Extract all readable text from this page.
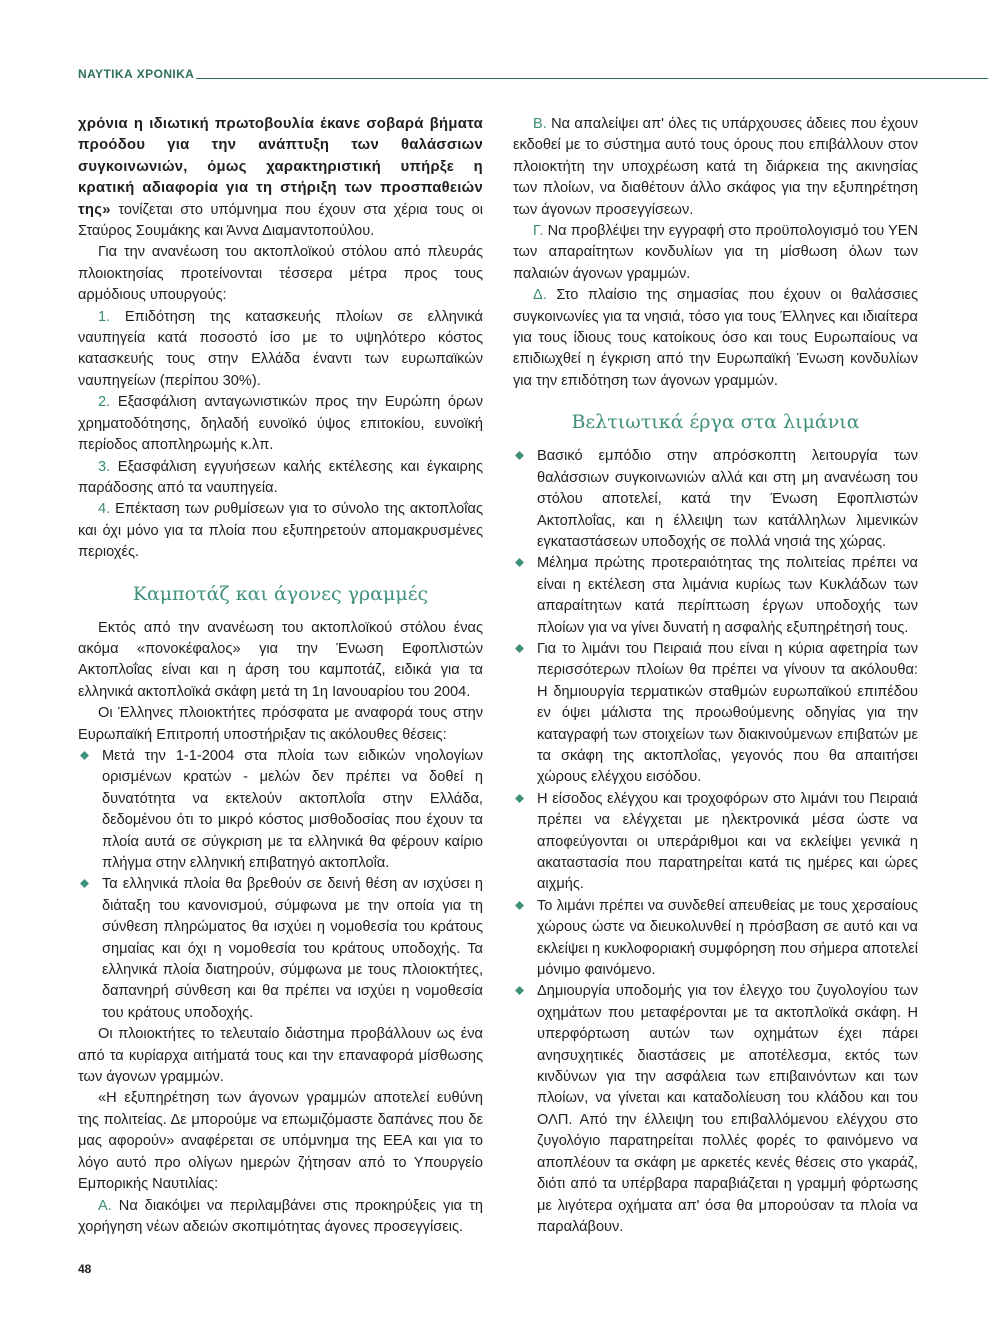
ΝΑΥΤΙΚΑ ΧΡΟΝΙΚΑ

χρόνια η ιδιωτική πρωτοβουλία έκανε σοβαρά βήματα προόδου για την ανάπτυξη των θαλάσσιων συγκοινωνιών, όμως χαρακτηριστική υπήρξε η κρατική αδιαφορία για τη στήριξη των προσπαθειών της» τονίζεται στο υπόμνημα που έχουν στα χέρια τους οι Σταύρος Σουμάκης και Άννα Διαμαντοπούλου.

Για την ανανέωση του ακτοπλοϊκού στόλου από πλευράς πλοιοκτησίας προτείνονται τέσσερα μέτρα προς τους αρμόδιους υπουργούς:

1. Επιδότηση της κατασκευής πλοίων σε ελληνικά ναυπηγεία κατά ποσοστό ίσο με το υψηλότερο κόστος κατασκευής τους στην Ελλάδα έναντι των ευρωπαϊκών ναυπηγείων (περίπου 30%).

2. Εξασφάλιση ανταγωνιστικών προς την Ευρώπη όρων χρηματοδότησης, δηλαδή ευνοϊκό ύψος επιτοκίου, ευνοϊκή περίοδος αποπληρωμής κ.λπ.

3. Εξασφάλιση εγγυήσεων καλής εκτέλεσης και έγκαιρης παράδοσης από τα ναυπηγεία.

4. Επέκταση των ρυθμίσεων για το σύνολο της ακτοπλοΐας και όχι μόνο για τα πλοία που εξυπηρετούν απομακρυσμένες περιοχές.

Καμποτάζ και άγονες γραμμές

Εκτός από την ανανέωση του ακτοπλοϊκού στόλου ένας ακόμα «πονοκέφαλος» για την Ένωση Εφοπλιστών Ακτοπλοΐας είναι και η άρση του καμποτάζ, ειδικά για τα ελληνικά ακτοπλοϊκά σκάφη μετά τη 1η Ιανουαρίου του 2004.

Οι Έλληνες πλοιοκτήτες πρόσφατα με αναφορά τους στην Ευρωπαϊκή Επιτροπή υποστήριξαν τις ακόλουθες θέσεις:

Μετά την 1-1-2004 στα πλοία των ειδικών νηολογίων ορισμένων κρατών - μελών δεν πρέπει να δοθεί η δυνατότητα να εκτελούν ακτοπλοΐα στην Ελλάδα, δεδομένου ότι το μικρό κόστος μισθοδοσίας που έχουν τα πλοία αυτά σε σύγκριση με τα ελληνικά θα φέρουν καίριο πλήγμα στην ελληνική επιβατηγό ακτοπλοΐα.
Τα ελληνικά πλοία θα βρεθούν σε δεινή θέση αν ισχύσει η διάταξη του κανονισμού, σύμφωνα με την οποία για τη σύνθεση πληρώματος θα ισχύει η νομοθεσία του κράτους σημαίας και όχι η νομοθεσία του κράτους υποδοχής. Τα ελληνικά πλοία διατηρούν, σύμφωνα με τους πλοιοκτήτες, δαπανηρή σύνθεση και θα πρέπει να ισχύει η νομοθεσία του κράτους υποδοχής.

Οι πλοιοκτήτες το τελευταίο διάστημα προβάλλουν ως ένα από τα κυρίαρχα αιτήματά τους και την επαναφορά μίσθωσης των άγονων γραμμών.

«Η εξυπηρέτηση των άγονων γραμμών αποτελεί ευθύνη της πολιτείας. Δε μπορούμε να επωμιζόμαστε δαπάνες που δε μας αφορούν» αναφέρεται σε υπόμνημα της ΕΕΑ και για το λόγο αυτό προ ολίγων ημερών ζήτησαν από το Υπουργείο Εμπορικής Ναυτιλίας:

Α. Να διακόψει να περιλαμβάνει στις προκηρύξεις για τη χορήγηση νέων αδειών σκοπιμότητας άγονες προσεγγίσεις.

Β. Να απαλείψει απ' όλες τις υπάρχουσες άδειες που έχουν εκδοθεί με το σύστημα αυτό τους όρους που επιβάλλουν στον πλοιοκτήτη την υποχρέωση κατά τη διάρκεια της ακινησίας των πλοίων, να διαθέτουν άλλο σκάφος για την εξυπηρέτηση των άγονων προσεγγίσεων.

Γ. Να προβλέψει την εγγραφή στο προϋπολογισμό του ΥΕΝ των απαραίτητων κονδυλίων για τη μίσθωση όλων των παλαιών άγονων γραμμών.

Δ. Στο πλαίσιο της σημασίας που έχουν οι θαλάσσιες συγκοινωνίες για τα νησιά, τόσο για τους Έλληνες και ιδιαίτερα για τους ίδιους τους κατοίκους όσο και τους Ευρωπαίους να επιδιωχθεί η έγκριση από την Ευρωπαϊκή Ένωση κονδυλίων για την επιδότηση των άγονων γραμμών.

Βελτιωτικά έργα στα λιμάνια
Βασικό εμπόδιο στην απρόσκοπτη λειτουργία των θαλάσσιων συγκοινωνιών αλλά και στη μη ανανέωση του στόλου αποτελεί, κατά την Ένωση Εφοπλιστών Ακτοπλοΐας, και η έλλειψη των κατάλληλων λιμενικών εγκαταστάσεων υποδοχής σε πολλά νησιά της χώρας.
Μέλημα πρώτης προτεραιότητας της πολιτείας πρέπει να είναι η εκτέλεση στα λιμάνια κυρίως των Κυκλάδων των απαραίτητων κατά περίπτωση έργων υποδοχής των πλοίων για να γίνει δυνατή η ασφαλής εξυπηρέτησή τους.
Για το λιμάνι του Πειραιά που είναι η κύρια αφετηρία των περισσότερων πλοίων θα πρέπει να γίνουν τα ακόλουθα: Η δημιουργία τερματικών σταθμών ευρωπαϊκού επιπέδου εν όψει μάλιστα της προωθούμενης οδηγίας για την καταγραφή των στοιχείων των διακινούμενων επιβατών με τα σκάφη της ακτοπλοΐας, γεγονός που θα απαιτήσει χώρους ελέγχου εισόδου.
Η είσοδος ελέγχου και τροχοφόρων στο λιμάνι του Πειραιά πρέπει να ελέγχεται με ηλεκτρονικά μέσα ώστε να αποφεύγονται οι υπεράριθμοι και να εκλείψει γενικά η ακαταστασία που παρατηρείται κατά τις ημέρες και ώρες αιχμής.
Το λιμάνι πρέπει να συνδεθεί απευθείας με τους χερσαίους χώρους ώστε να διευκολυνθεί η πρόσβαση σε αυτό και να εκλείψει η κυκλοφοριακή συμφόρηση που σήμερα αποτελεί μόνιμο φαινόμενο.
Δημιουργία υποδομής για τον έλεγχο του ζυγολογίου των οχημάτων που μεταφέρονται με τα ακτοπλοϊκά σκάφη. Η υπερφόρτωση αυτών των οχημάτων έχει πάρει ανησυχητικές διαστάσεις με αποτέλεσμα, εκτός των κινδύνων για την ασφάλεια των επιβαινόντων και των πλοίων, να γίνεται και καταδολίευση του κλάδου και του ΟΛΠ. Από την έλλειψη του επιβαλλόμενου ελέγχου στο ζυγολόγιο παρατηρείται πολλές φορές το φαινόμενο να αποπλέουν τα σκάφη με αρκετές κενές θέσεις στο γκαράζ, διότι από τα υπέρβαρα παραβιάζεται η γραμμή φόρτωσης με λιγότερα οχήματα απ' όσα θα μπορούσαν τα πλοία να παραλάβουν.
48
